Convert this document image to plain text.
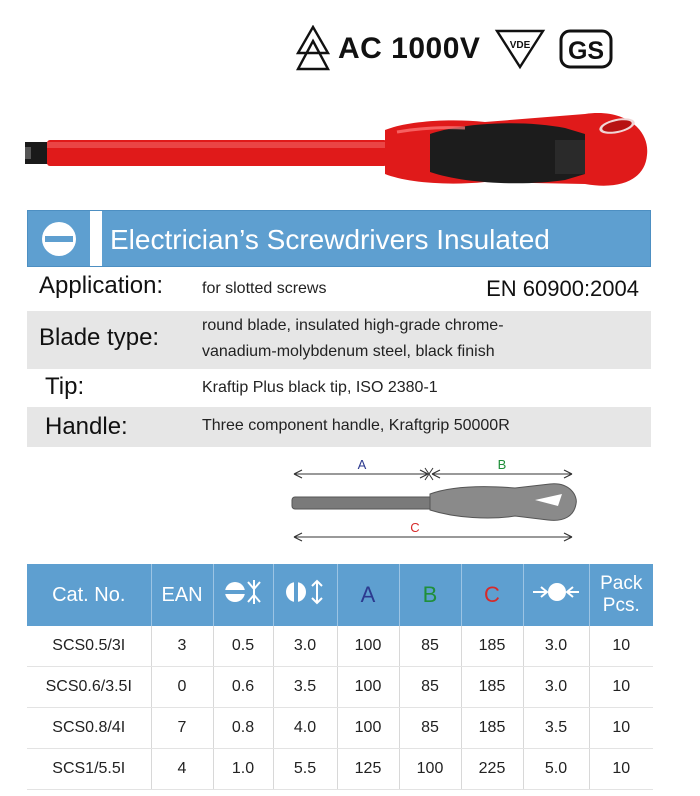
AC 1000V	VDE GS
Electrician’s Screwdrivers Insulated
Application: for slotted screws	EN 60900:2004
Blade type:	round blade, insulated high-grade chrome-
vanadium-molybdenum steel, black finish
Tip:	Kraftip Plus black tip, ISO 2380-1
Handle:	Three component handle, Kraftgrip 50000R
A	B
C
Cat. No.	EAN			A	B	C		Pack
Pcs.
SCS0.5/3I	3	0.5	3.0	100	85	185	3.0	10
SCS0.6/3.5I	0	0.6	3.5	100	85	185	3.0	10
SCS0.8/4I	7	0.8	4.0	100	85	185	3.5	10
SCS1/5.5I	4	1.0	5.5	125	100	225	5.0	10
